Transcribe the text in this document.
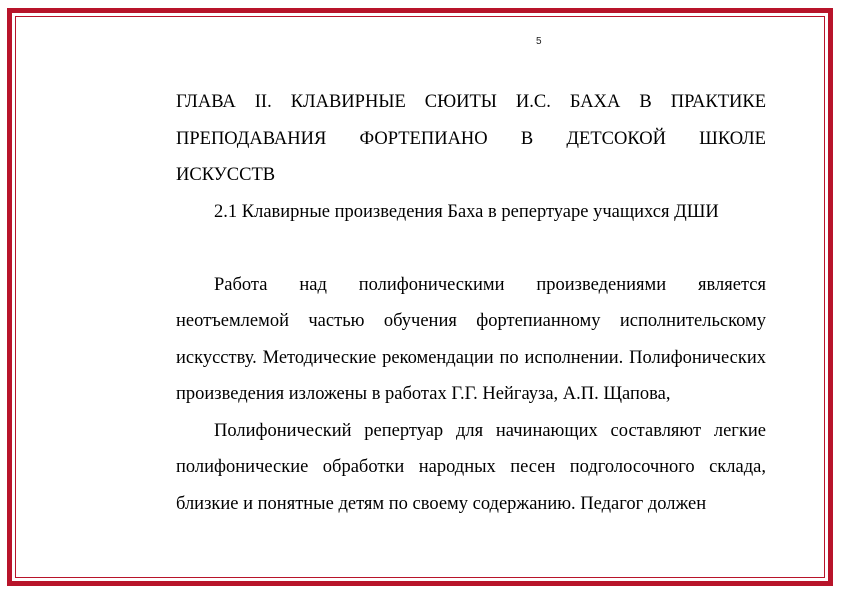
5

ГЛАВА II. КЛАВИРНЫЕ СЮИТЫ И.С. БАХА В ПРАКТИКЕ ПРЕПОДАВАНИЯ ФОРТЕПИАНО В ДЕТСОКОЙ ШКОЛЕ ИСКУССТВ

2.1 Клавирные произведения Баха в репертуаре учащихся ДШИ

Работа над полифоническими произведениями является неотъемлемой частью обучения фортепианному исполнительскому искусству. Методические рекомендации по исполнении. Полифонических произведения изложены в работах Г.Г. Нейгауза, А.П. Щапова,

Полифонический репертуар для начинающих составляют легкие полифонические обработки народных песен подголосочного склада, близкие и понятные детям по своему содержанию. Педагог должен
